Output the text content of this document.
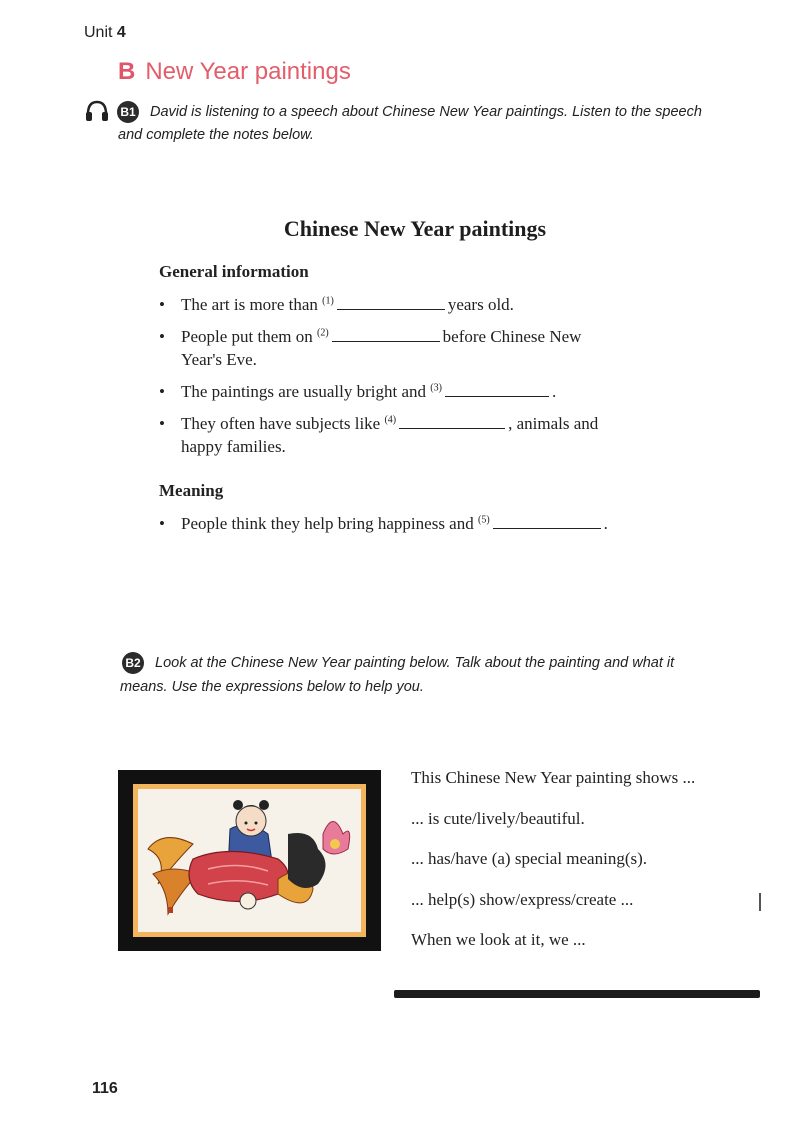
Unit 4
B New Year paintings
B1 David is listening to a speech about Chinese New Year paintings. Listen to the speech
and complete the notes below.
Chinese New Year paintings
General information
• The art is more than $^{(1)}$	years old.
• People put them on $^{(2)}$	before Chinese New
Year's Eve.
• The paintings are usually bright and $^{(3)}$	.
• They often have subjects like $^{(4)}$	, animals and
happy families.
Meaning
• People think they help bring happiness and $^{(5)}$	.
B2 Look at the Chinese New Year painting below. Talk about the painting and what it
means. Use the expressions below to help you.
This Chinese New Year painting shows ...
... is cute/lively/beautiful.
... has/have (a) special meaning(s).
... help(s) show/express/create ...
When we look at it, we ...
116
